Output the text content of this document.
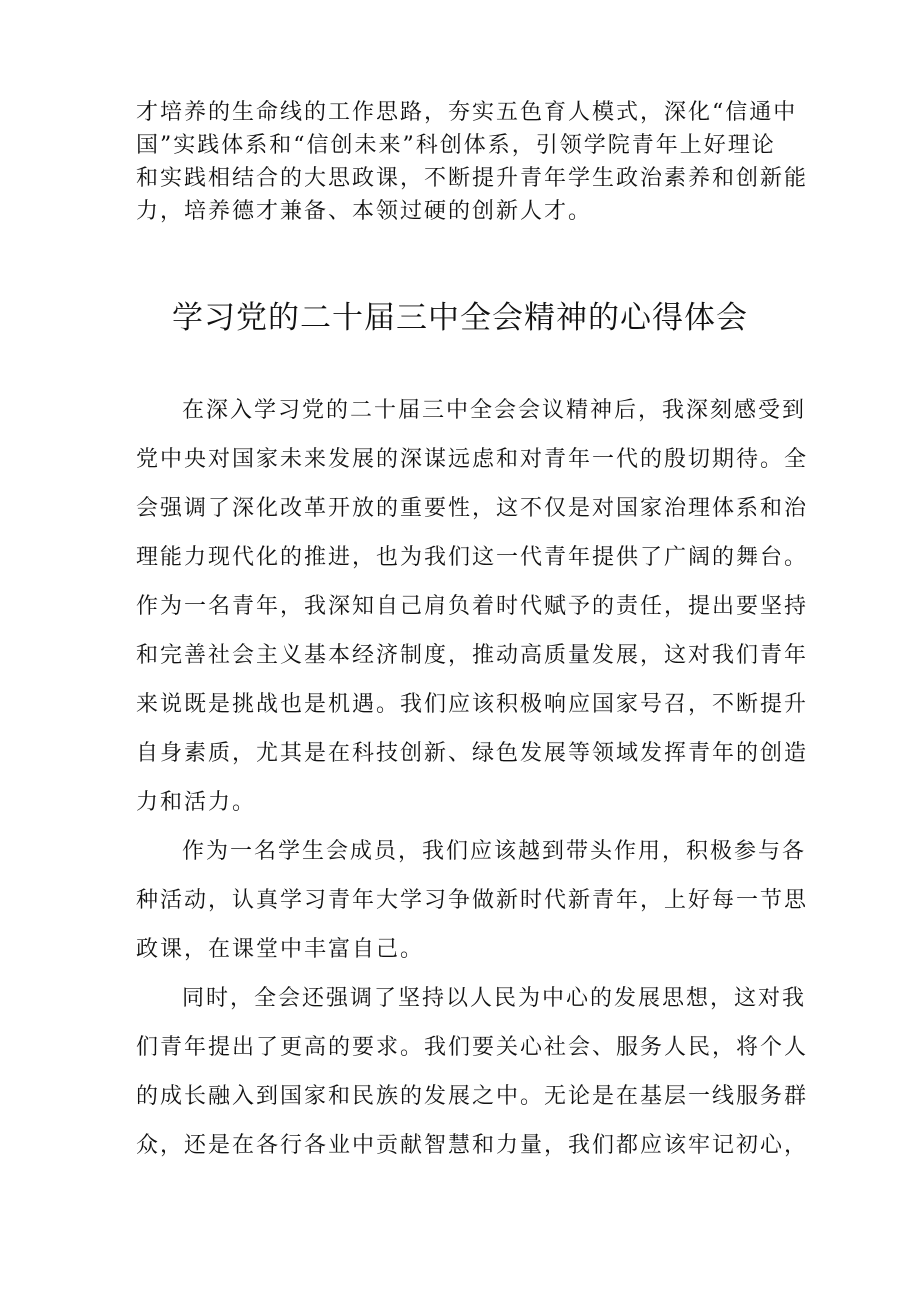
才培养的生命线的工作思路，夯实五色育人模式，深化“信通中
国”实践体系和“信创未来”科创体系，引领学院青年上好理论
和实践相结合的大思政课，不断提升青年学生政治素养和创新能
力，培养德才兼备、本领过硬的创新人才。
学习党的二十届三中全会精神的心得体会
在深入学习党的二十届三中全会会议精神后，我深刻感受到
党中央对国家未来发展的深谋远虑和对青年一代的殷切期待。全
会强调了深化改革开放的重要性，这不仅是对国家治理体系和治
理能力现代化的推进，也为我们这一代青年提供了广阔的舞台。
作为一名青年，我深知自己肩负着时代赋予的责任，提出要坚持
和完善社会主义基本经济制度，推动高质量发展，这对我们青年
来说既是挑战也是机遇。我们应该积极响应国家号召，不断提升
自身素质，尤其是在科技创新、绿色发展等领域发挥青年的创造
力和活力。
作为一名学生会成员，我们应该越到带头作用，积极参与各
种活动，认真学习青年大学习争做新时代新青年，上好每一节思
政课，在课堂中丰富自己。
同时，全会还强调了坚持以人民为中心的发展思想，这对我
们青年提出了更高的要求。我们要关心社会、服务人民，将个人
的成长融入到国家和民族的发展之中。无论是在基层一线服务群
众，还是在各行各业中贡献智慧和力量，我们都应该牢记初心，
